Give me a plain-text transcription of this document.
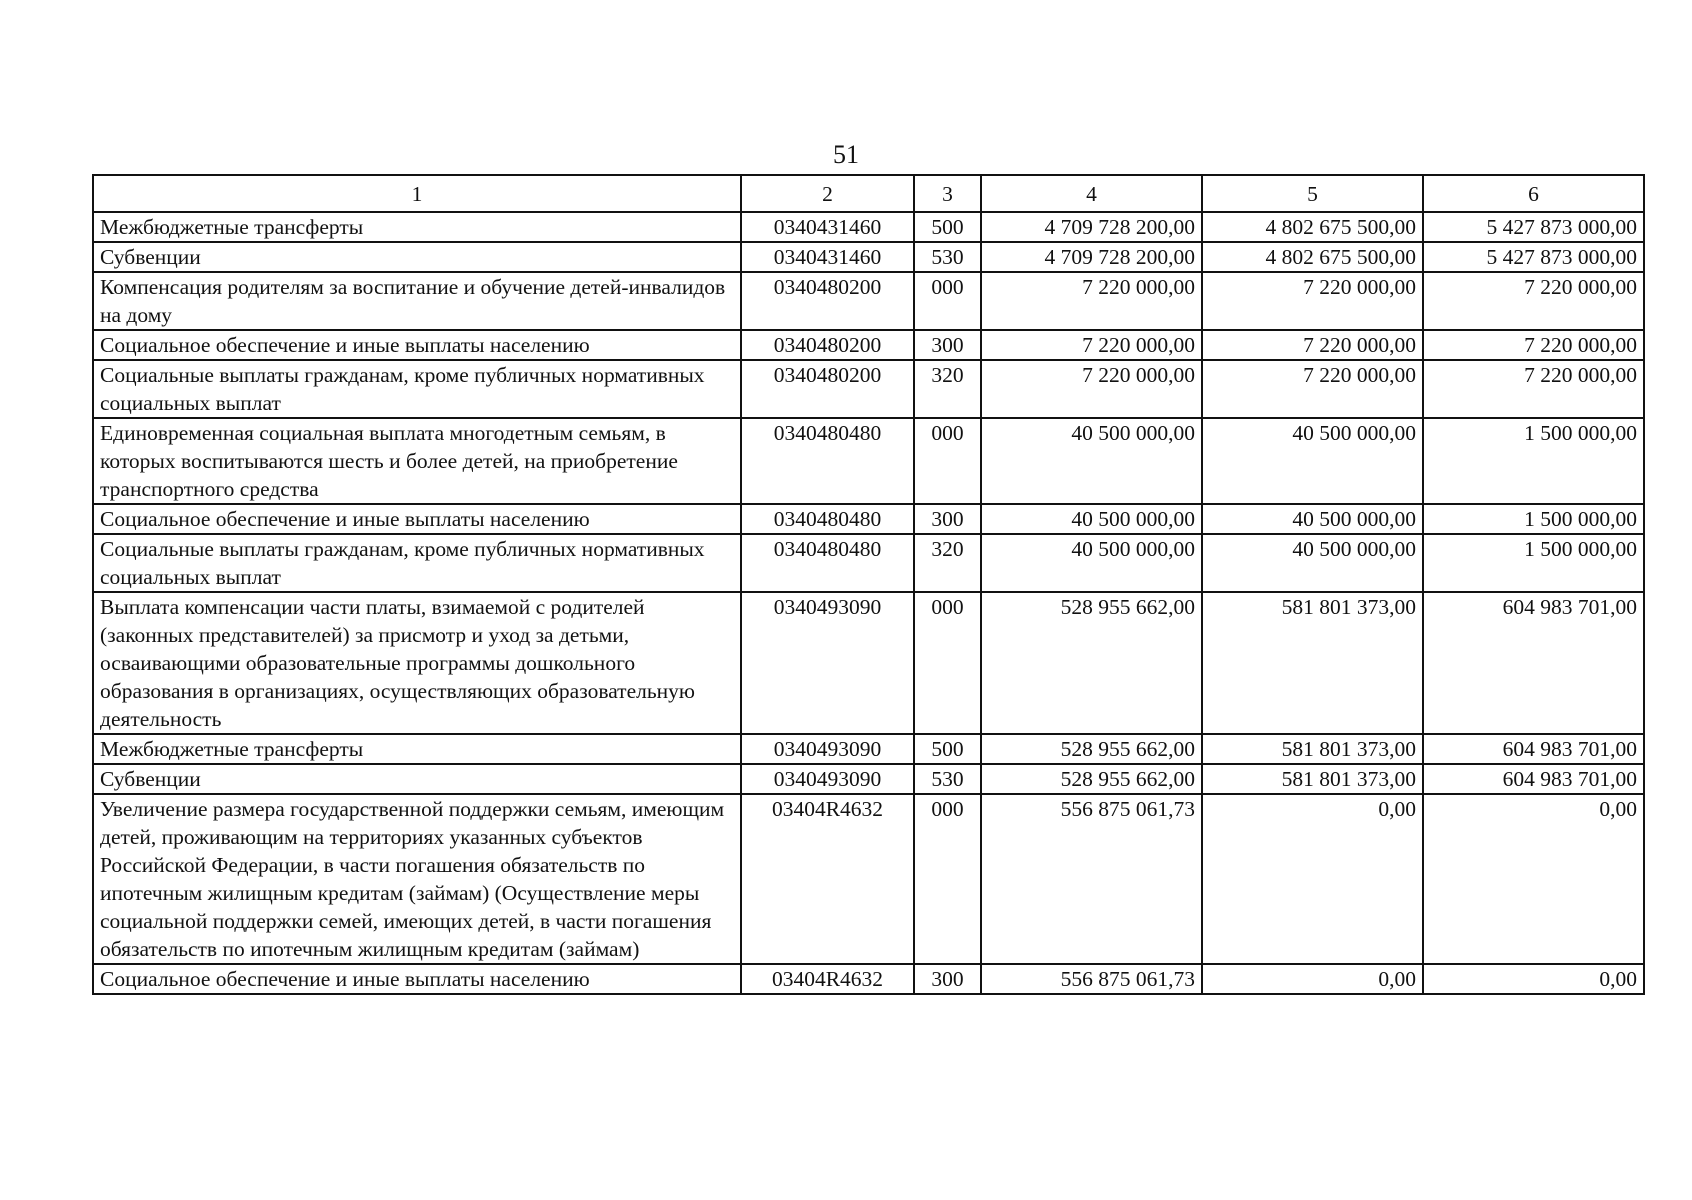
51
1	2	3	4	5	6
Межбюджетные трансферты	0340431460	500	4 709 728 200,00	4 802 675 500,00	5 427 873 000,00
Субвенции	0340431460	530	4 709 728 200,00	4 802 675 500,00	5 427 873 000,00
Компенсация родителям за воспитание и обучение детей-инвалидов на дому	0340480200	000	7 220 000,00	7 220 000,00	7 220 000,00
Социальное обеспечение и иные выплаты населению	0340480200	300	7 220 000,00	7 220 000,00	7 220 000,00
Социальные выплаты гражданам, кроме публичных нормативных социальных выплат	0340480200	320	7 220 000,00	7 220 000,00	7 220 000,00
Единовременная социальная выплата многодетным семьям, в которых воспитываются шесть и более детей, на приобретение транспортного средства	0340480480	000	40 500 000,00	40 500 000,00	1 500 000,00
Социальное обеспечение и иные выплаты населению	0340480480	300	40 500 000,00	40 500 000,00	1 500 000,00
Социальные выплаты гражданам, кроме публичных нормативных социальных выплат	0340480480	320	40 500 000,00	40 500 000,00	1 500 000,00
Выплата компенсации части платы, взимаемой с родителей (законных представителей) за присмотр и уход за детьми, осваивающими образовательные программы дошкольного образования в организациях, осуществляющих образовательную деятельность	0340493090	000	528 955 662,00	581 801 373,00	604 983 701,00
Межбюджетные трансферты	0340493090	500	528 955 662,00	581 801 373,00	604 983 701,00
Субвенции	0340493090	530	528 955 662,00	581 801 373,00	604 983 701,00
Увеличение размера государственной поддержки семьям, имеющим детей, проживающим на территориях указанных субъектов Российской Федерации, в части погашения обязательств по ипотечным жилищным кредитам (займам) (Осуществление меры социальной поддержки семей, имеющих детей, в части погашения обязательств по ипотечным жилищным кредитам (займам)	03404R4632	000	556 875 061,73	0,00	0,00
Социальное обеспечение и иные выплаты населению	03404R4632	300	556 875 061,73	0,00	0,00
